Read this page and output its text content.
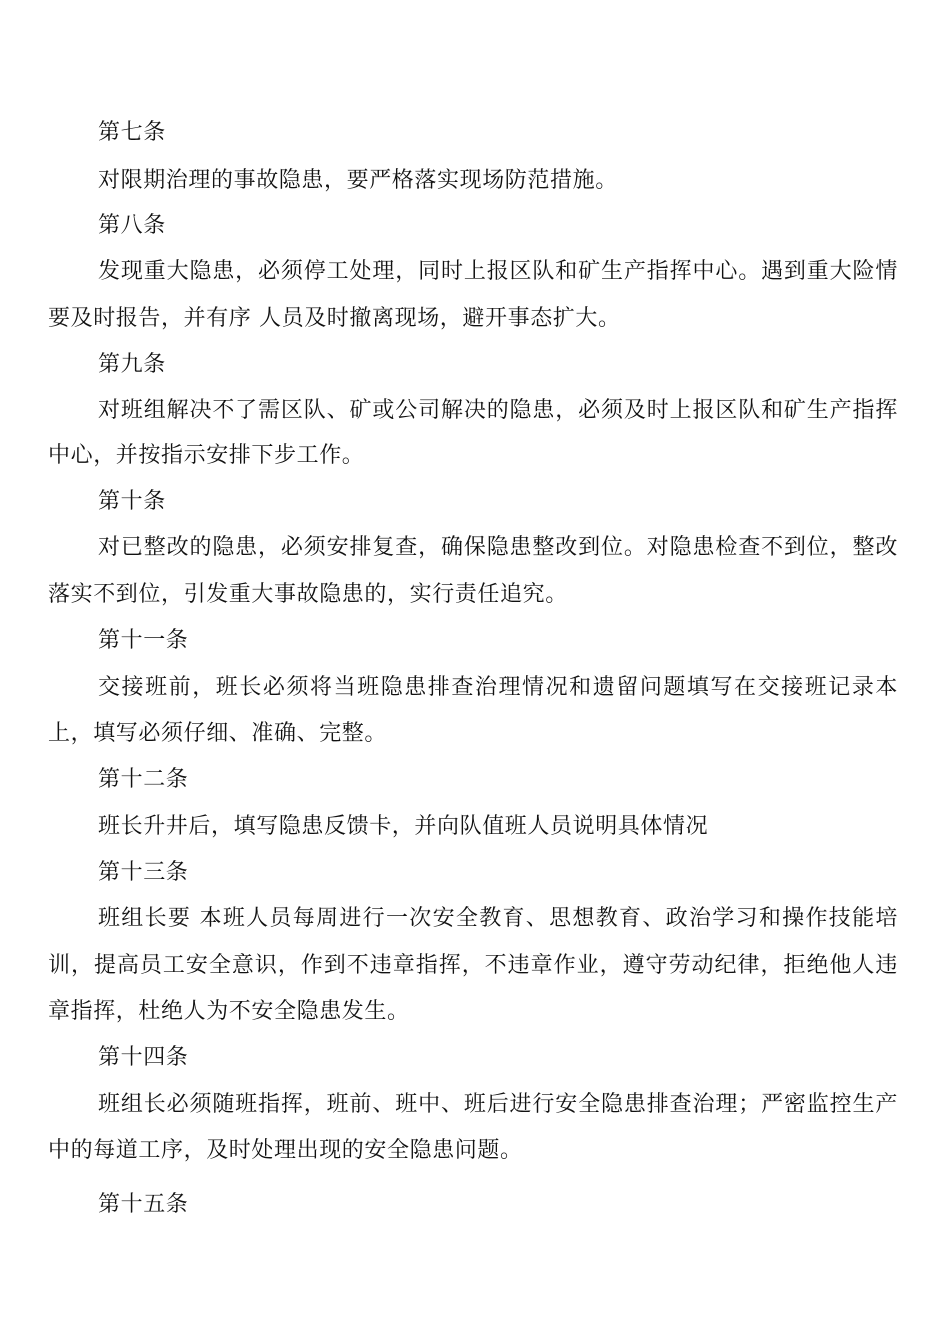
第七条
对限期治理的事故隐患，要严格落实现场防范措施。
第八条
发现重大隐患，必须停工处理，同时上报区队和矿生产指挥中心。遇到重大险情
要及时报告，并有序 人员及时撤离现场，避开事态扩大。
第九条
对班组解决不了需区队、矿或公司解决的隐患，必须及时上报区队和矿生产指挥
中心，并按指示安排下步工作。
第十条
对已整改的隐患，必须安排复查，确保隐患整改到位。对隐患检查不到位，整改
落实不到位，引发重大事故隐患的，实行责任追究。
第十一条
交接班前，班长必须将当班隐患排查治理情况和遗留问题填写在交接班记录本
上，填写必须仔细、准确、完整。
第十二条
班长升井后，填写隐患反馈卡，并向队值班人员说明具体情况
第十三条
班组长要 本班人员每周进行一次安全教育、思想教育、政治学习和操作技能培
训，提高员工安全意识，作到不违章指挥，不违章作业，遵守劳动纪律，拒绝他人违
章指挥，杜绝人为不安全隐患发生。
第十四条
班组长必须随班指挥，班前、班中、班后进行安全隐患排查治理；严密监控生产
中的每道工序，及时处理出现的安全隐患问题。
第十五条
